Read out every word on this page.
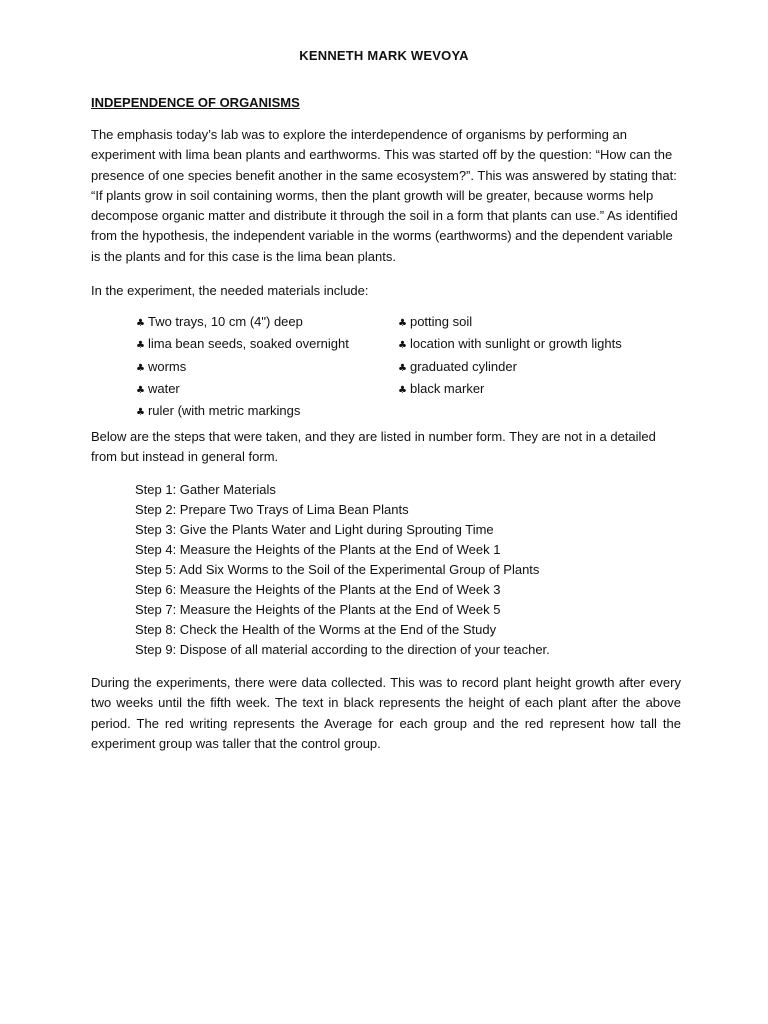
KENNETH MARK WEVOYA
INDEPENDENCE OF ORGANISMS

The emphasis today’s lab was to explore the interdependence of organisms by performing an experiment with lima bean plants and earthworms. This was started off by the question: “How can the presence of one species benefit another in the same ecosystem?”. This was answered by stating that: “If plants grow in soil containing worms, then the plant growth will be greater, because worms help decompose organic matter and distribute it through the soil in a form that plants can use.” As identified from the hypothesis, the independent variable in the worms (earthworms) and the dependent variable is the plants and for this case is the lima bean plants.

In the experiment, the needed materials include:

♣ Two trays, 10 cm (4") deep
♣ lima bean seeds, soaked overnight
♣ worms
♣ water
♣ ruler (with metric markings
♣ potting soil
♣ location with sunlight or growth lights
♣ graduated cylinder
♣ black marker

Below are the steps that were taken, and they are listed in number form. They are not in a detailed from but instead in general form.

Step 1: Gather Materials
Step 2: Prepare Two Trays of Lima Bean Plants
Step 3: Give the Plants Water and Light during Sprouting Time
Step 4: Measure the Heights of the Plants at the End of Week 1
Step 5: Add Six Worms to the Soil of the Experimental Group of Plants
Step 6: Measure the Heights of the Plants at the End of Week 3
Step 7: Measure the Heights of the Plants at the End of Week 5
Step 8: Check the Health of the Worms at the End of the Study
Step 9: Dispose of all material according to the direction of your teacher.

During the experiments, there were data collected. This was to record plant height growth after every two weeks until the fifth week. The text in black represents the height of each plant after the above period. The red writing represents the Average for each group and the red represent how tall the experiment group was taller that the control group.
